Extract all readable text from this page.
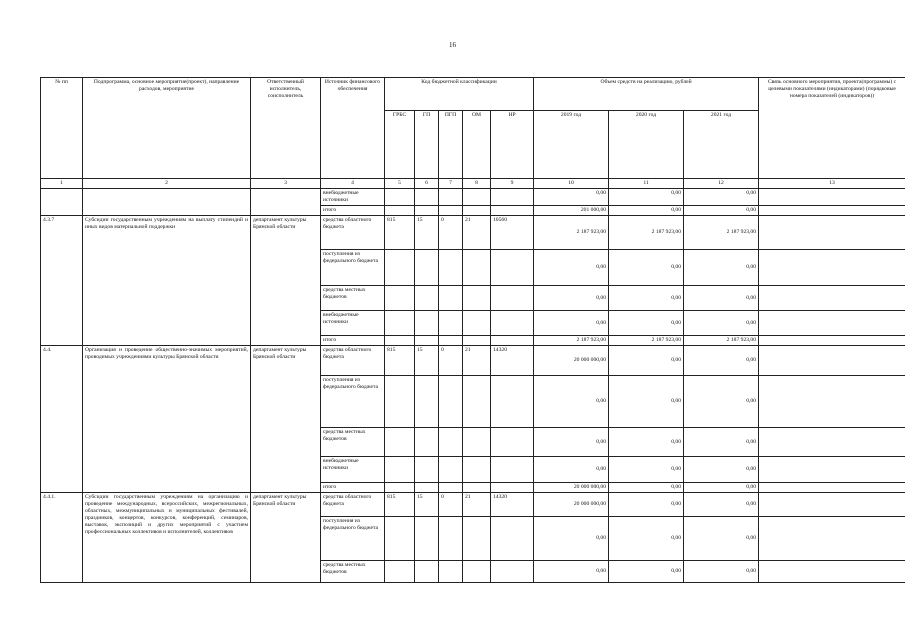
16
№ пп	Подпрограмма, основное мероприятие(проект), направление расходов, мероприятие	Ответственный исполнитель, соисполнитель	Источник финансового обеспечения	Код бюджетной классификации					Объем средств на реализацию, рублей			Связь основного мероприятия, проекта(программы) с целевыми показателями (индикаторами) (порядковые номера показателей (индикаторов))
				ГРБС	ГП	ПГП	ОМ	НР	2019 год	2020 год	2021 год	
1	2	3	4	5	6	7	8	9	10	11	12	13
			внебюджетные источники						0,00	0,00	0,00	
			итого						201 000,00	0,00	0,00	
4.3.7	Субсидии государственным учреждениям на выплату стипендий и иных видов материальной поддержки	департамент культуры Брянской области	средства областного бюджета	815	15	0	21	10560	2 187 923,00	2 187 923,00	2 187 923,00	
			поступления из федерального бюджета						0,00	0,00	0,00	
			средства местных бюджетов						0,00	0,00	0,00	
			внебюджетные источники						0,00	0,00	0,00	
			итого						2 187 923,00	2 187 923,00	2 187 923,00	
4.4.	Организация и проведение общественно-значимых мероприятий, проводимых учреждениями культуры Брянской области	департамент культуры Брянской области	средства областного бюджета	815	15	0	21	14320	20 000 000,00	0,00	0,00	
			поступления из федерального бюджета						0,00	0,00	0,00	
			средства местных бюджетов						0,00	0,00	0,00	
			внебюджетные источники						0,00	0,00	0,00	
			итого						20 000 000,00	0,00	0,00	
4.4.1.	Субсидии государственным учреждениям на организацию и проведение международных, всероссийских, межрегиональных, областных, межмуниципальных и муниципальных фестивалей, праздников, концертов, конкурсов, конференций, семинаров, выставок, экспозиций и других мероприятий с участием профессиональных коллективов и исполнителей, коллективов	департамент культуры Брянской области	средства областного бюджета	815	15	0	21	14320	20 000 000,00	0,00	0,00	
			поступления из федерального бюджета						0,00	0,00	0,00	
			средства местных бюджетов						0,00	0,00	0,00	
